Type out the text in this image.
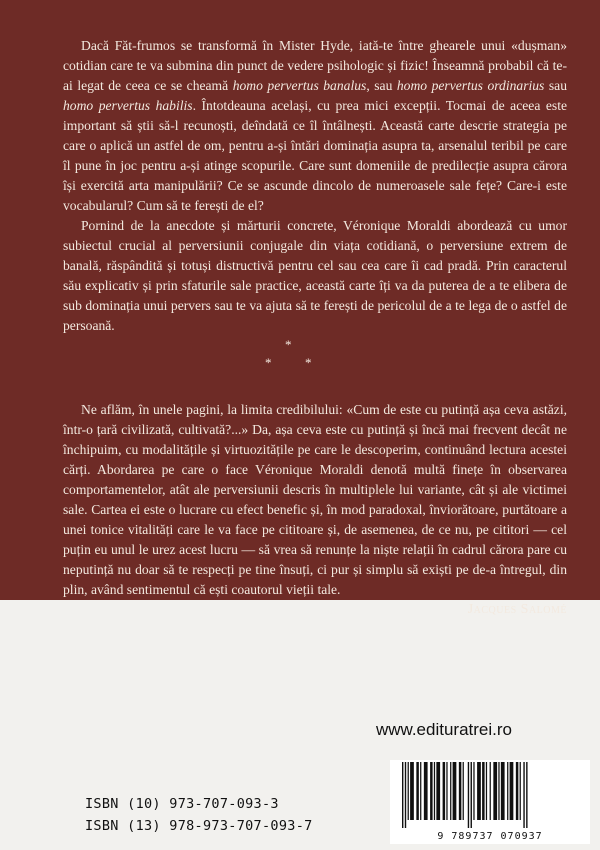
Dacă Făt-frumos se transformă în Mister Hyde, iată-te între ghearele unui «dușman» cotidian care te va submina din punct de vedere psihologic și fizic! Înseamnă probabil că te-ai legat de ceea ce se cheamă homo pervertus banalus, sau homo pervertus ordinarius sau homo pervertus habilis. Întotdeauna același, cu prea mici excepții. Tocmai de aceea este important să știi să-l recunoști, deîndată ce îl întâlnești. Această carte descrie strategia pe care o aplică un astfel de om, pentru a-și întări dominația asupra ta, arsenalul teribil pe care îl pune în joc pentru a-și atinge scopurile. Care sunt domeniile de predilecție asupra cărora își exercită arta manipulării? Ce se ascunde dincolo de numeroasele sale fețe? Care-i este vocabularul? Cum să te ferești de el?

Pornind de la anecdote și mărturii concrete, Véronique Moraldi abordează cu umor subiectul crucial al perversiunii conjugale din viața cotidiană, o perversiune extrem de banală, răspândită și totuși distructivă pentru cel sau cea care îi cad pradă. Prin caracterul său explicativ și prin sfaturile sale practice, această carte îți va da puterea de a te elibera de sub dominația unui pervers sau te va ajuta să te ferești de pericolul de a te lega de o astfel de persoană.

*
*	*

Ne aflăm, în unele pagini, la limita credibilului: «Cum de este cu putință așa ceva astăzi, într-o țară civilizată, cultivată?...» Da, așa ceva este cu putință și încă mai frecvent decât ne închipuim, cu modalitățile și virtuozitățile pe care le descoperim, continuând lectura acestei cărți. Abordarea pe care o face Véronique Moraldi denotă multă finețe în observarea comportamentelor, atât ale perversiunii descris în multiplele lui variante, cât și ale victimei sale. Cartea ei este o lucrare cu efect benefic și, în mod paradoxal, înviorătoare, purtătoare a unei tonice vitalități care le va face pe cititoare și, de asemenea, de ce nu, pe cititori — cel puțin eu unul le urez acest lucru — să vrea să renunțe la niște relații în cadrul cărora pare cu neputință nu doar să te respecți pe tine însuți, ci pur și simplu să exiști pe de-a întregul, din plin, având sentimentul că ești coautorul vieții tale.

Jacques Salomé
www.edituratrei.ro
ISBN (10) 973-707-093-3
ISBN (13) 978-973-707-093-7
9 789737 070937
